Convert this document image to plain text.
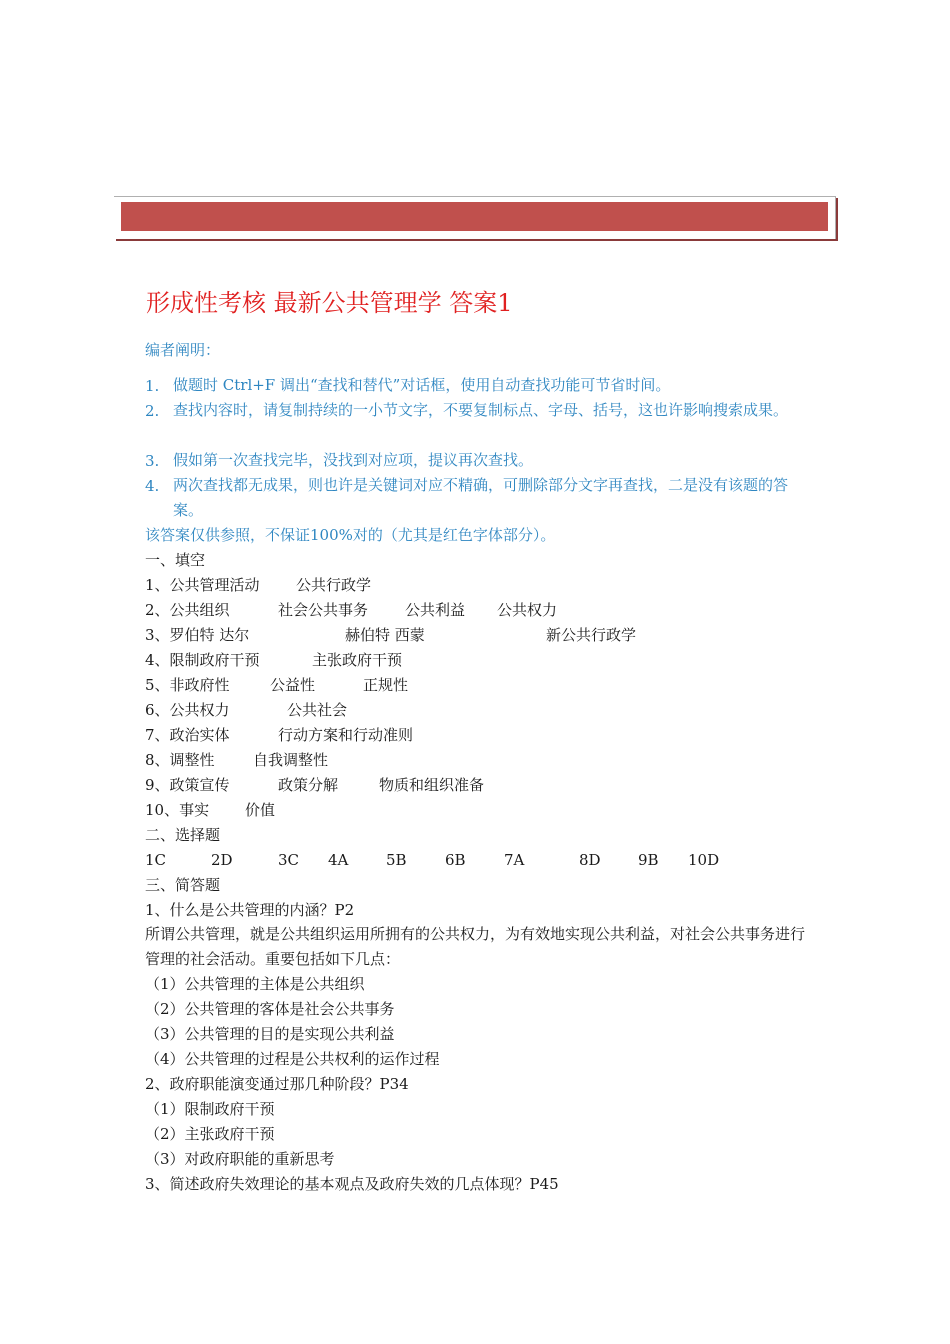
形成性考核 最新公共管理学 答案1
编者阐明：
1. 做题时 Ctrl+F 调出“查找和替代”对话框，使用自动查找功能可节省时间。
2. 查找内容时，请复制持续的一小节文字，不要复制标点、字母、括号，这也许影响搜索成果。
3. 假如第一次查找完毕，没找到对应项，提议再次查找。
4. 两次查找都无成果，则也许是关键词对应不精确，可删除部分文字再查找，二是没有该题的答案。
该答案仅供参照，不保证100%对的（尤其是红色字体部分）。
一、填空
1、公共管理活动 公共行政学
2、公共组织	社会公共事务 公共利益 公共权力
3、罗伯特 达尔	赫伯特 西蒙	新公共行政学
4、限制政府干预	主张政府干预
5、非政府性	公益性	正规性
6、公共权力	公共社会
7、政治实体	行动方案和行动准则
8、调整性	自我调整性
9、政策宣传	政策分解	物质和组织准备
10、事实 价值
二、选择题
1C	2D	3C 4A	5B	6B	7A	8D 9B 10D
三、简答题
1、什么是公共管理的内涵？P2
所谓公共管理，就是公共组织运用所拥有的公共权力，为有效地实现公共利益，对社会公共事务进行管理的社会活动。重要包括如下几点：
（1）公共管理的主体是公共组织
（2）公共管理的客体是社会公共事务
（3）公共管理的目的是实现公共利益
（4）公共管理的过程是公共权利的运作过程
2、政府职能演变通过那几种阶段？P34
（1）限制政府干预
（2）主张政府干预
（3）对政府职能的重新思考
3、简述政府失效理论的基本观点及政府失效的几点体现？P45
